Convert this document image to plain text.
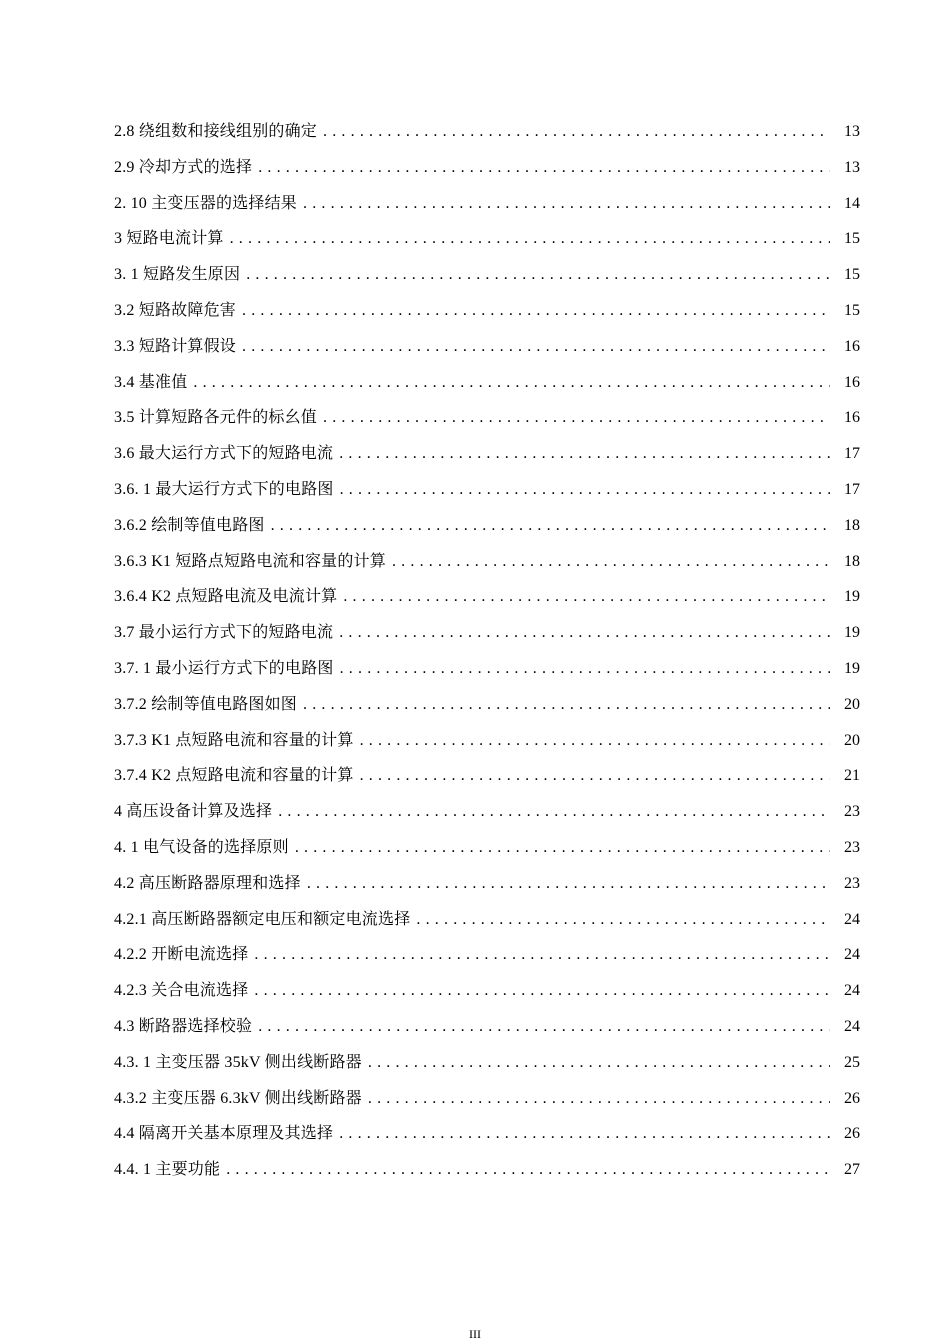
2.8 绕组数和接线组别的确定 . . .	13
2.9 冷却方式的选择 . . .	13
2. 10 主变压器的选择结果 . . .	14
3 短路电流计算 . . .	15
3. 1 短路发生原因 . . .	15
3.2 短路故障危害 . . .	15
3.3 短路计算假设 . . .	16
3.4 基准值 . . .	16
3.5 计算短路各元件的标幺值 . . .	16
3.6 最大运行方式下的短路电流 . . .	17
3.6. 1 最大运行方式下的电路图 . . .	17
3.6.2 绘制等值电路图 . . .	18
3.6.3 K1 短路点短路电流和容量的计算 . . .	18
3.6.4 K2 点短路电流及电流计算 . . .	19
3.7 最小运行方式下的短路电流 . . .	19
3.7. 1 最小运行方式下的电路图 . . .	19
3.7.2 绘制等值电路图如图 . . .	20
3.7.3 K1 点短路电流和容量的计算 . . .	20
3.7.4 K2 点短路电流和容量的计算 . . .	21
4 高压设备计算及选择 . . .	23
4. 1 电气设备的选择原则 . . .	23
4.2 高压断路器原理和选择 . . .	23
4.2.1 高压断路器额定电压和额定电流选择 . . .	24
4.2.2 开断电流选择 . . .	24
4.2.3 关合电流选择 . . .	24
4.3 断路器选择校验 . . .	24
4.3. 1 主变压器 35kV 侧出线断路器 . . .	25
4.3.2 主变压器 6.3kV 侧出线断路器 . . .	26
4.4 隔离开关基本原理及其选择 . . .	26
4.4. 1 主要功能 . . .	27
III
